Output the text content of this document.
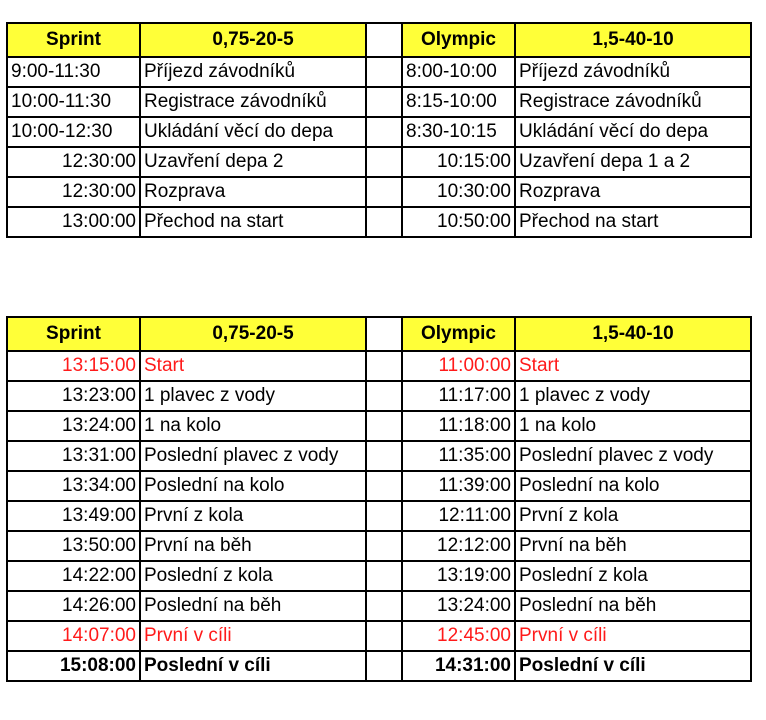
Sprint	0,75-20-5		Olympic	1,5-40-10
9:00-11:30	Příjezd závodníků		8:00-10:00	Příjezd závodníků
10:00-11:30	Registrace závodníků		8:15-10:00	Registrace závodníků
10:00-12:30	Ukládání věcí do depa		8:30-10:15	Ukládání věcí do depa
12:30:00	Uzavření depa 2		10:15:00	Uzavření depa 1 a 2
12:30:00	Rozprava		10:30:00	Rozprava
13:00:00	Přechod na start		10:50:00	Přechod na start
Sprint	0,75-20-5		Olympic	1,5-40-10
13:15:00	Start		11:00:00	Start
13:23:00	1 plavec z vody		11:17:00	1 plavec z vody
13:24:00	1 na kolo		11:18:00	1 na kolo
13:31:00	Poslední plavec z vody		11:35:00	Poslední plavec z vody
13:34:00	Poslední na kolo		11:39:00	Poslední na kolo
13:49:00	První z kola		12:11:00	První z kola
13:50:00	První na běh		12:12:00	První na běh
14:22:00	Poslední z kola		13:19:00	Poslední z kola
14:26:00	Poslední na běh		13:24:00	Poslední na běh
14:07:00	První v cíli		12:45:00	První v cíli
15:08:00	Poslední v cíli		14:31:00	Poslední v cíli
